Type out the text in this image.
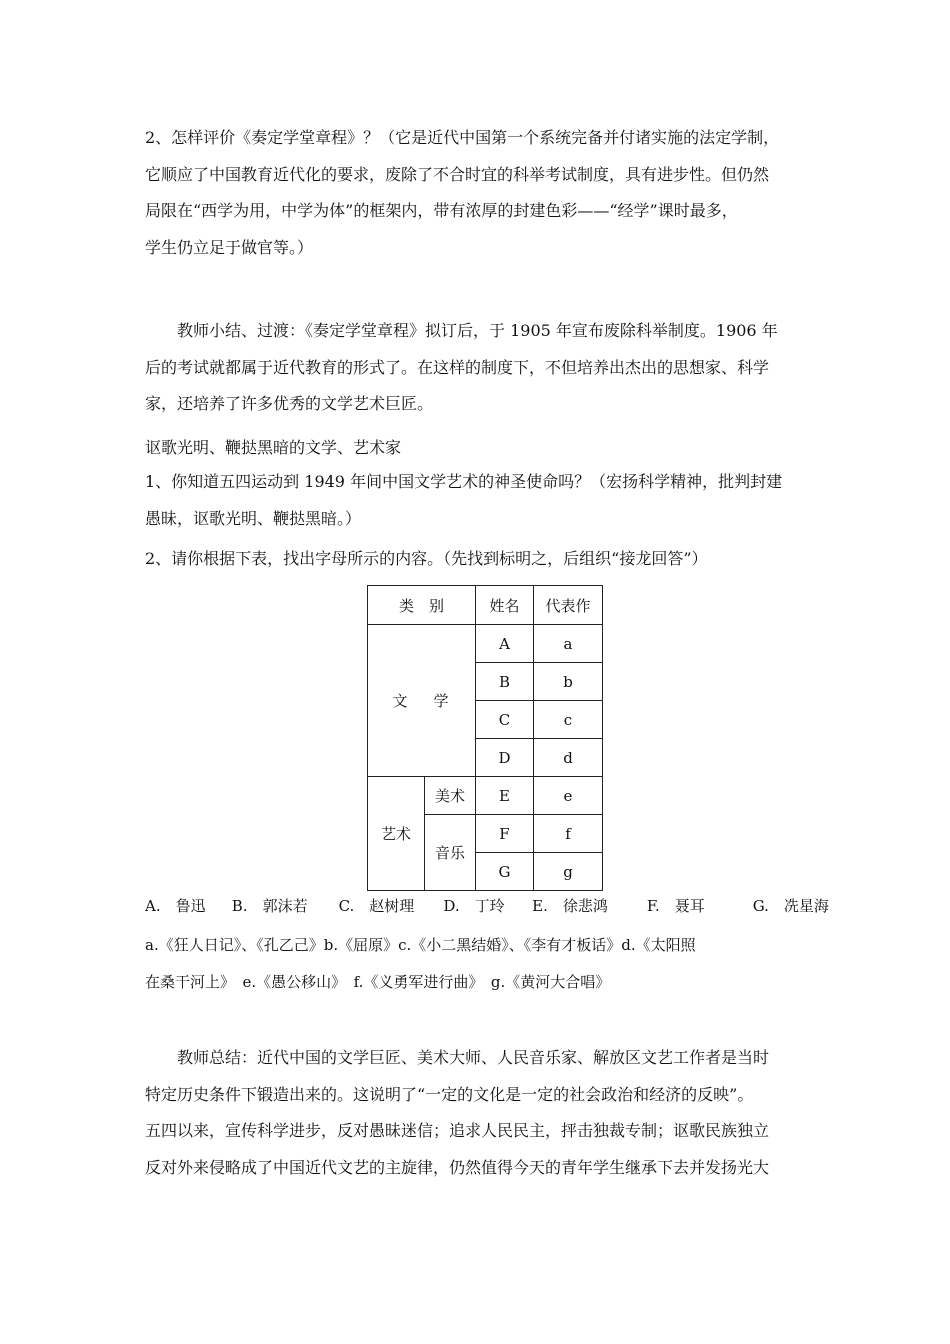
2、怎样评价《奏定学堂章程》？（它是近代中国第一个系统完备并付诸实施的法定学制，
它顺应了中国教育近代化的要求，废除了不合时宜的科举考试制度，具有进步性。但仍然
局限在“西学为用，中学为体”的框架内，带有浓厚的封建色彩——“经学”课时最多，
学生仍立足于做官等。）

教师小结、过渡：《奏定学堂章程》拟订后，于 1905 年宣布废除科举制度。1906 年
后的考试就都属于近代教育的形式了。在这样的制度下，不但培养出杰出的思想家、科学
家，还培养了许多优秀的文学艺术巨匠。

讴歌光明、鞭挞黑暗的文学、艺术家

1、你知道五四运动到 1949 年间中国文学艺术的神圣使命吗？（宏扬科学精神，批判封建
愚昧，讴歌光明、鞭挞黑暗。）

2、请你根据下表，找出字母所示的内容。（先找到标明之，后组织“接龙回答”）

类　别		姓名	代表作
文学		A	a
		B	b
		C	c
		D	d
艺术	美术	E	e
	音乐	F	f
		G	g
A.　鲁迅 B.　郭沫若 C.　赵树理 D.　丁玲 E.　徐悲鸿	F.　聂耳	G.　冼星海

a.《狂人日记》、《孔乙己》b.《屈原》c.《小二黑结婚》、《李有才板话》d.《太阳照
在桑干河上》　e.《愚公移山》　f.《义勇军进行曲》　g.《黄河大合唱》

教师总结：近代中国的文学巨匠、美术大师、人民音乐家、解放区文艺工作者是当时
特定历史条件下锻造出来的。这说明了“一定的文化是一定的社会政治和经济的反映”。
五四以来，宣传科学进步，反对愚昧迷信；追求人民民主，抨击独裁专制；讴歌民族独立
反对外来侵略成了中国近代文艺的主旋律，仍然值得今天的青年学生继承下去并发扬光大
